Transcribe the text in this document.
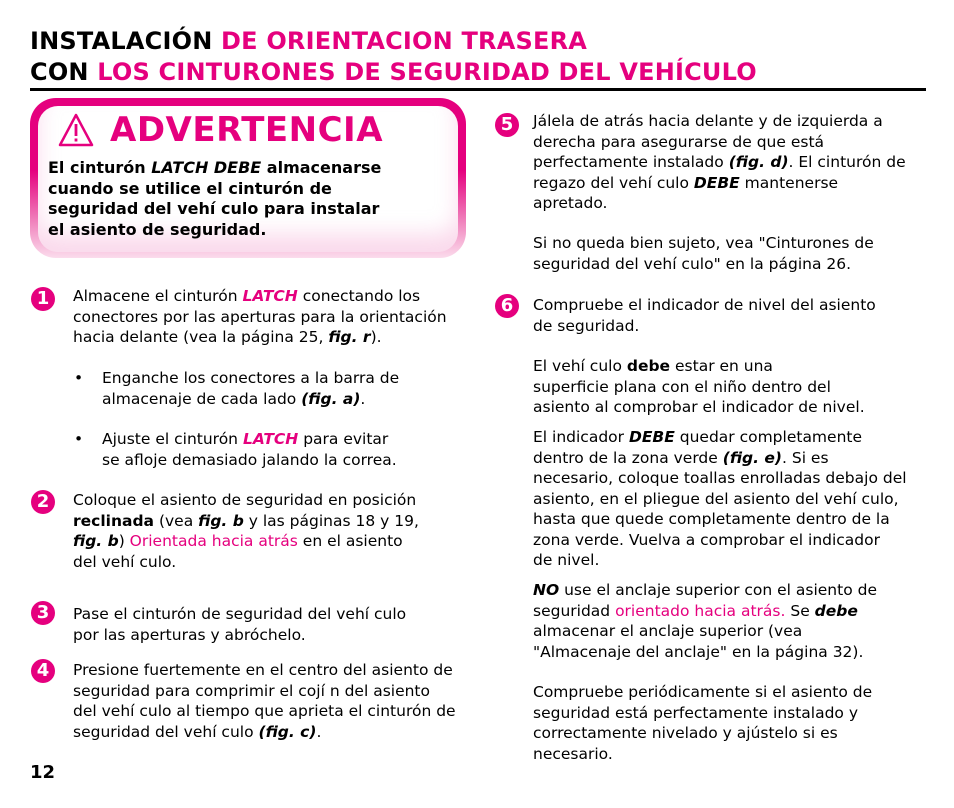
INSTALACIÓN DE ORIENTACION TRASERA
CON LOS CINTURONES DE SEGURIDAD DEL VEHÍCULO
ADVERTENCIA
El cinturón LATCH DEBE almacenarse
cuando se utilice el cinturón de
seguridad del vehí culo para instalar
el asiento de seguridad.
1	Almacene el cinturón LATCH conectando los

conectores por las aperturas para la orientación

hacia delante (vea la página 25, fig. r).

• Enganche los conectores a la barra de

almacenaje de cada lado (fig. a).

• Ajuste el cinturón LATCH para evitar

se afloje demasiado jalando la correa.

2	Coloque el asiento de seguridad en posición

reclinada (vea fig. b y las páginas 18 y 19,

fig. b) Orientada hacia atrás en el asiento

del vehí culo.

3	Pase el cinturón de seguridad del vehí culo

por las aperturas y abróchelo.

4	Presione fuertemente en el centro del asiento de

seguridad para comprimir el cojí n del asiento

del vehí culo al tiempo que aprieta el cinturón de

seguridad del vehí culo (fig. c).

5	Jálela de atrás hacia delante y de izquierda a

derecha para asegurarse de que está

perfectamente instalado (fig. d). El cinturón de

regazo del vehí culo DEBE mantenerse

apretado.

Si no queda bien sujeto, vea "Cinturones de

seguridad del vehí culo" en la página 26.

6	Compruebe el indicador de nivel del asiento

de seguridad.

El vehí culo debe estar en una

superficie plana con el niño dentro del

asiento al comprobar el indicador de nivel.

El indicador DEBE quedar completamente

dentro de la zona verde (fig. e). Si es

necesario, coloque toallas enrolladas debajo del

asiento, en el pliegue del asiento del vehí culo,

hasta que quede completamente dentro de la

zona verde. Vuelva a comprobar el indicador

de nivel.

NO use el anclaje superior con el asiento de

seguridad orientado hacia atrás. Se debe

almacenar el anclaje superior (vea

"Almacenaje del anclaje" en la página 32).

Compruebe periódicamente si el asiento de

seguridad está perfectamente instalado y

correctamente nivelado y ajústelo si es

necesario.

12
